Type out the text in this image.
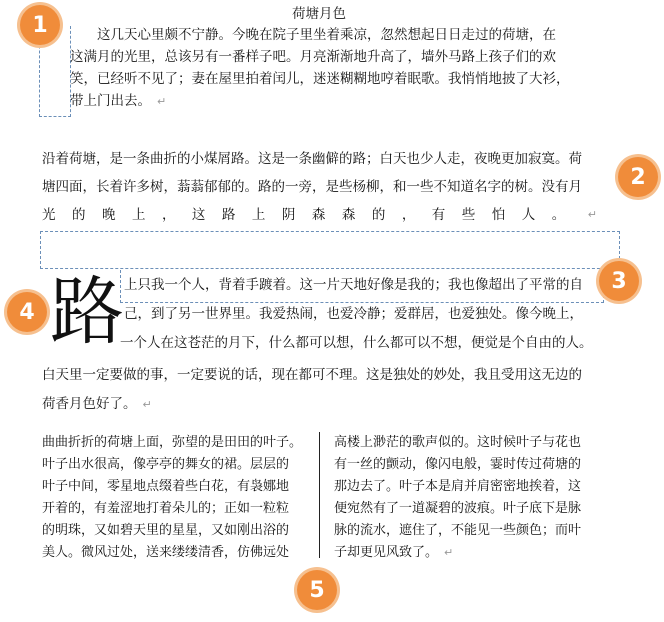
荷塘月色
这几天心里颇不宁静。今晚在院子里坐着乘凉，忽然想起日日走过的荷塘，在
这满月的光里，总该另有一番样子吧。月亮渐渐地升高了，墙外马路上孩子们的欢
笑，已经听不见了；妻在屋里拍着闰儿，迷迷糊糊地哼着眠歌。我悄悄地披了大衫，
带上门出去。 ↵
沿着荷塘，是一条曲折的小煤屑路。这是一条幽僻的路；白天也少人走，夜晚更加寂寞。荷
塘四面，长着许多树，蓊蓊郁郁的。路的一旁，是些杨柳，和一些不知道名字的树。没有月
光 的 晚 上 ， 这 路 上 阴 森 森 的 ， 有 些 怕 人 。 ↵
路 上只我一个人，背着手踱着。这一片天地好像是我的；我也像超出了平常的自
己，到了另一世界里。我爱热闹，也爱冷静；爱群居，也爱独处。像今晚上，
一个人在这苍茫的月下，什么都可以想，什么都可以不想，便觉是个自由的人。
白天里一定要做的事，一定要说的话，现在都可不理。这是独处的妙处，我且受用这无边的
荷香月色好了。 ↵
曲曲折折的荷塘上面，弥望的是田田的叶子。
叶子出水很高，像亭亭的舞女的裙。层层的
叶子中间，零星地点缀着些白花，有袅娜地
开着的，有羞涩地打着朵儿的；正如一粒粒
的明珠，又如碧天里的星星，又如刚出浴的
美人。微风过处，送来缕缕清香，仿佛远处
高楼上渺茫的歌声似的。这时候叶子与花也
有一丝的颤动，像闪电般，霎时传过荷塘的
那边去了。叶子本是肩并肩密密地挨着，这
便宛然有了一道凝碧的波痕。叶子底下是脉
脉的流水，遮住了，不能见一些颜色；而叶
子却更见风致了。 ↵
1
2
3
4
5
